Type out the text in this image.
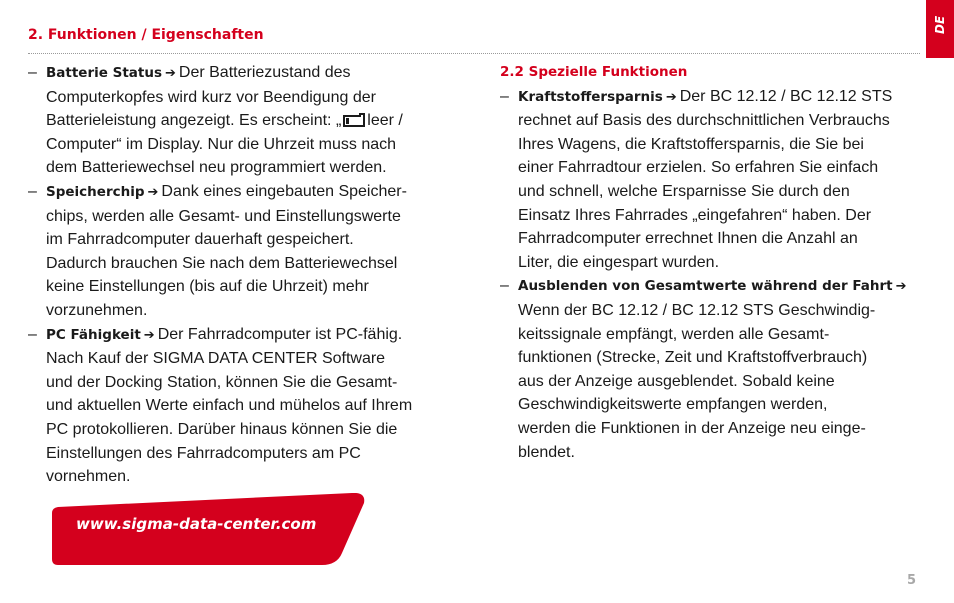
2. Funktionen / Eigenschaften
DE
– Batterie Status ➔ Der Batteriezustand des
Computerkopfes wird kurz vor Beendigung der
Batterieleistung angezeigt. Es erscheint: „ leer /
Computer“ im Display. Nur die Uhrzeit muss nach
dem Batteriewechsel neu programmiert werden.
– Speicherchip ➔ Dank eines eingebauten Speicher-
chips, werden alle Gesamt- und Einstellungswerte
im Fahrradcomputer dauerhaft gespeichert.
Dadurch brauchen Sie nach dem Batteriewechsel
keine Einstellungen (bis auf die Uhrzeit) mehr
vorzunehmen.
– PC Fähigkeit ➔ Der Fahrradcomputer ist PC-fähig.
Nach Kauf der SIGMA DATA CENTER Software
und der Docking Station, können Sie die Gesamt-
und aktuellen Werte einfach und mühelos auf Ihrem
PC protokollieren. Darüber hinaus können Sie die
Einstellungen des Fahrradcomputers am PC
vornehmen.
2.2 Spezielle Funktionen
– Kraftstoffersparnis ➔ Der BC 12.12 / BC 12.12 STS
rechnet auf Basis des durchschnittlichen Verbrauchs
Ihres Wagens, die Kraftstoffersparnis, die Sie bei
einer Fahrradtour erzielen. So erfahren Sie einfach
und schnell, welche Ersparnisse Sie durch den
Einsatz Ihres Fahrrades „eingefahren“ haben. Der
Fahrradcomputer errechnet Ihnen die Anzahl an
Liter, die eingespart wurden.
– Ausblenden von Gesamtwerte während der Fahrt ➔
Wenn der BC 12.12 / BC 12.12 STS Geschwindig-
keitssignale empfängt, werden alle Gesamt-
funktionen (Strecke, Zeit und Kraftstoffverbrauch)
aus der Anzeige ausgeblendet. Sobald keine
Geschwindigkeitswerte empfangen werden,
werden die Funktionen in der Anzeige neu einge-
blendet.
www.sigma-data-center.com
5
